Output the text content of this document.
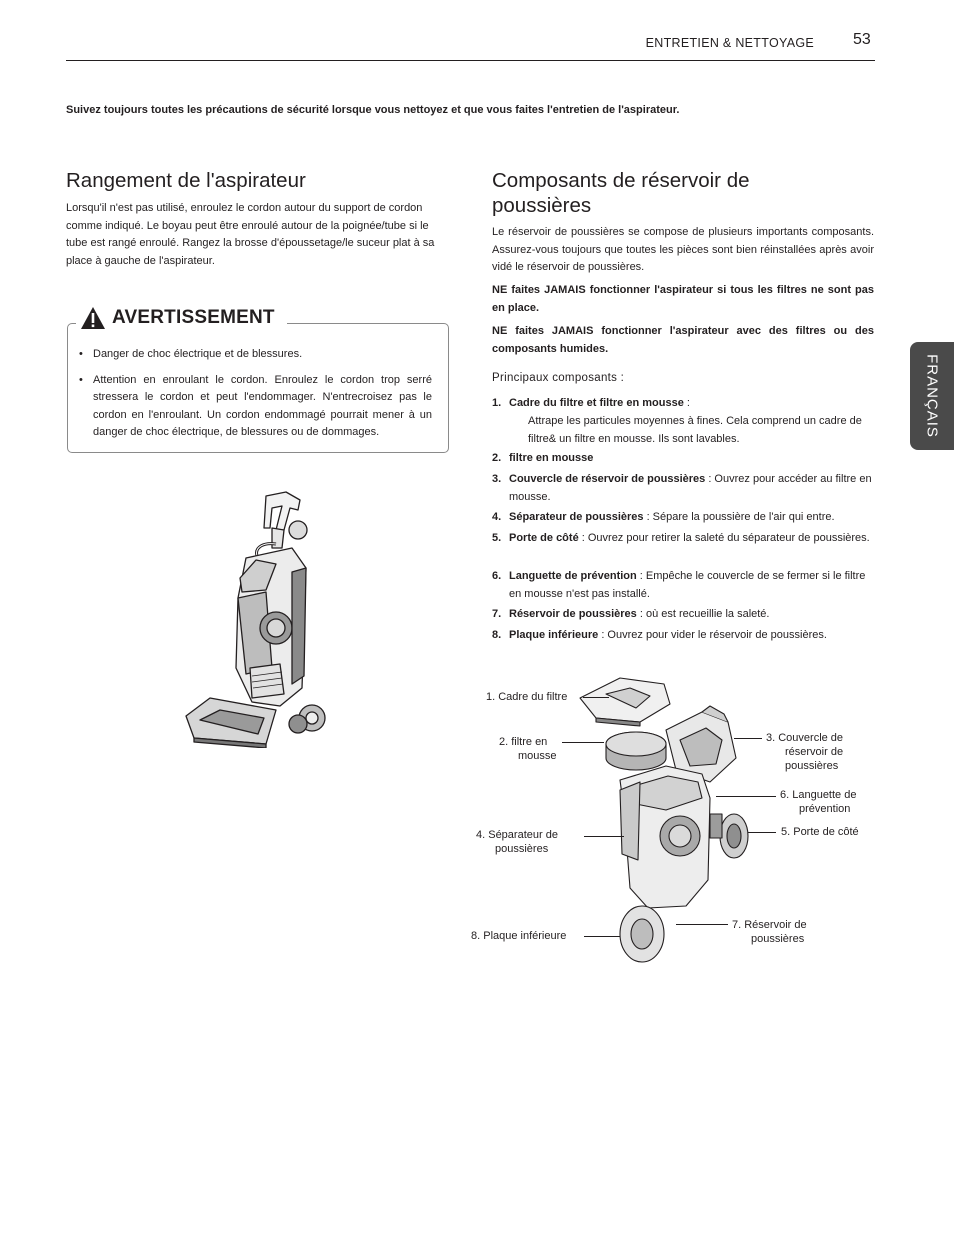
ENTRETIEN & NETTOYAGE 53
Suivez toujours toutes les précautions de sécurité lorsque vous nettoyez et que vous faites l'entretien de l'aspirateur.
FRANÇAIS
Rangement de l'aspirateur

Lorsqu'il n'est pas utilisé, enroulez le cordon autour du support de cordon comme indiqué. Le boyau peut être enroulé autour de la poignée/tube si le tube est rangé enroulé. Rangez la brosse d'époussetage/le suceur plat à sa place à gauche de l'aspirateur.

AVERTISSEMENT
• Danger de choc électrique et de blessures.
• Attention en enroulant le cordon. Enroulez le cordon trop serré stressera le cordon et peut l'endommager. N'entrecroisez pas le cordon en l'enroulant. Un cordon endommagé pourrait mener à un danger de choc électrique, de blessures ou de dommages.
Composants de réservoir de poussières

Le réservoir de poussières se compose de plusieurs importants composants. Assurez-vous toujours que toutes les pièces sont bien réinstallées après avoir vidé le réservoir de poussières.

NE faites JAMAIS fonctionner l'aspirateur si tous les filtres ne sont pas en place.

NE faites JAMAIS fonctionner l'aspirateur avec des filtres ou des composants humides.

Principaux composants :
1. Cadre du filtre et filtre en mousse :
Attrape les particules moyennes à fines. Cela comprend un cadre de filtre& un filtre en mousse. Ils sont lavables.
2. filtre en mousse
3. Couvercle de réservoir de poussières : Ouvrez pour accéder au filtre en mousse.
4. Séparateur de poussières : Sépare la poussière de l'air qui entre.
5. Porte de côté : Ouvrez pour retirer la saleté du séparateur de poussières.
6. Languette de prévention : Empêche le couvercle de se fermer si le filtre en mousse n'est pas installé.
7. Réservoir de poussières : où est recueillie la saleté.
8. Plaque inférieure : Ouvrez pour vider le réservoir de poussières.
1. Cadre du filtre
2. filtre en
mousse
3. Couvercle de
réservoir de
poussières
6. Languette de
prévention
5. Porte de côté
4. Séparateur de
poussières
7. Réservoir de
poussières
8. Plaque inférieure
